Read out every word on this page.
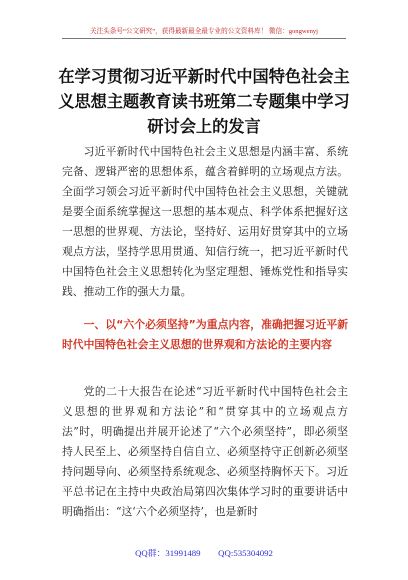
关注头条号“公文研究”，获得最新最全最专业的公文资料库！ 微信：gongwenyj
在学习贯彻习近平新时代中国特色社会主义思想主题教育读书班第二专题集中学习研讨会上的发言

习近平新时代中国特色社会主义思想是内涵丰富、系统完备、逻辑严密的思想体系，蕴含着鲜明的立场观点方法。全面学习领会习近平新时代中国特色社会主义思想，关键就是要全面系统掌握这一思想的基本观点、科学体系把握好这一思想的世界观、方法论，坚持好、运用好贯穿其中的立场观点方法，坚持学思用贯通、知信行统一，把习近平新时代中国特色社会主义思想转化为坚定理想、锤炼党性和指导实践、推动工作的强大力量。

一、以“六个必须坚持”为重点内容，准确把握习近平新时代中国特色社会主义思想的世界观和方法论的主要内容

党的二十大报告在论述“习近平新时代中国特色社会主义思想的世界观和方法论”和“贯穿其中的立场观点方法”时，明确提出并展开论述了“六个必须坚持”，即必须坚持人民至上、必须坚持自信自立、必须坚持守正创新必须坚持问题导向、必须坚持系统观念、必须坚持胸怀天下。习近平总书记在主持中央政治局第四次集体学习时的重要讲话中明确指出：“这‘六个必须坚持’，也是新时

QQ群：31991489 QQ:535304092
